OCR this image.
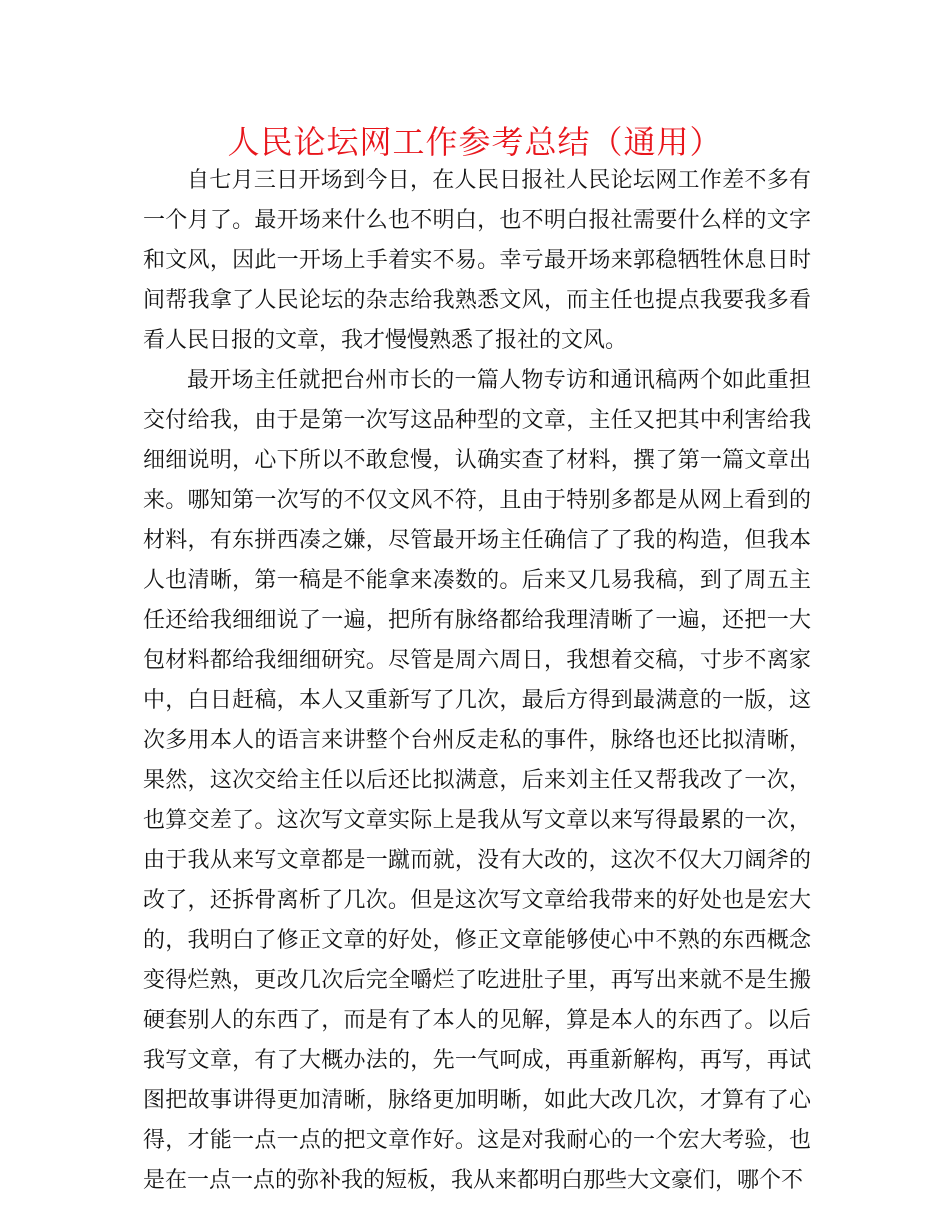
人民论坛网工作参考总结（通用）

自七月三日开场到今日，在人民日报社人民论坛网工作差不多有一个月了。最开场来什么也不明白，也不明白报社需要什么样的文字和文风，因此一开场上手着实不易。幸亏最开场来郭稳牺牲休息日时间帮我拿了人民论坛的杂志给我熟悉文风，而主任也提点我要我多看看人民日报的文章，我才慢慢熟悉了报社的文风。

最开场主任就把台州市长的一篇人物专访和通讯稿两个如此重担交付给我，由于是第一次写这品种型的文章，主任又把其中利害给我细细说明，心下所以不敢怠慢，认确实查了材料，撰了第一篇文章出来。哪知第一次写的不仅文风不符，且由于特别多都是从网上看到的材料，有东拼西凑之嫌，尽管最开场主任确信了了我的构造，但我本人也清晰，第一稿是不能拿来凑数的。后来又几易我稿，到了周五主任还给我细细说了一遍，把所有脉络都给我理清晰了一遍，还把一大包材料都给我细细研究。尽管是周六周日，我想着交稿，寸步不离家中，白日赶稿，本人又重新写了几次，最后方得到最满意的一版，这次多用本人的语言来讲整个台州反走私的事件，脉络也还比拟清晰，果然，这次交给主任以后还比拟满意，后来刘主任又帮我改了一次，也算交差了。这次写文章实际上是我从写文章以来写得最累的一次，由于我从来写文章都是一蹴而就，没有大改的，这次不仅大刀阔斧的改了，还拆骨离析了几次。但是这次写文章给我带来的好处也是宏大的，我明白了修正文章的好处，修正文章能够使心中不熟的东西概念变得烂熟，更改几次后完全嚼烂了吃进肚子里，再写出来就不是生搬硬套别人的东西了，而是有了本人的见解，算是本人的东西了。以后我写文章，有了大概办法的，先一气呵成，再重新解构，再写，再试图把故事讲得更加清晰，脉络更加明晰，如此大改几次，才算有了心得，才能一点一点的把文章作好。这是对我耐心的一个宏大考验，也是在一点一点的弥补我的短板，我从来都明白那些大文豪们，哪个不
